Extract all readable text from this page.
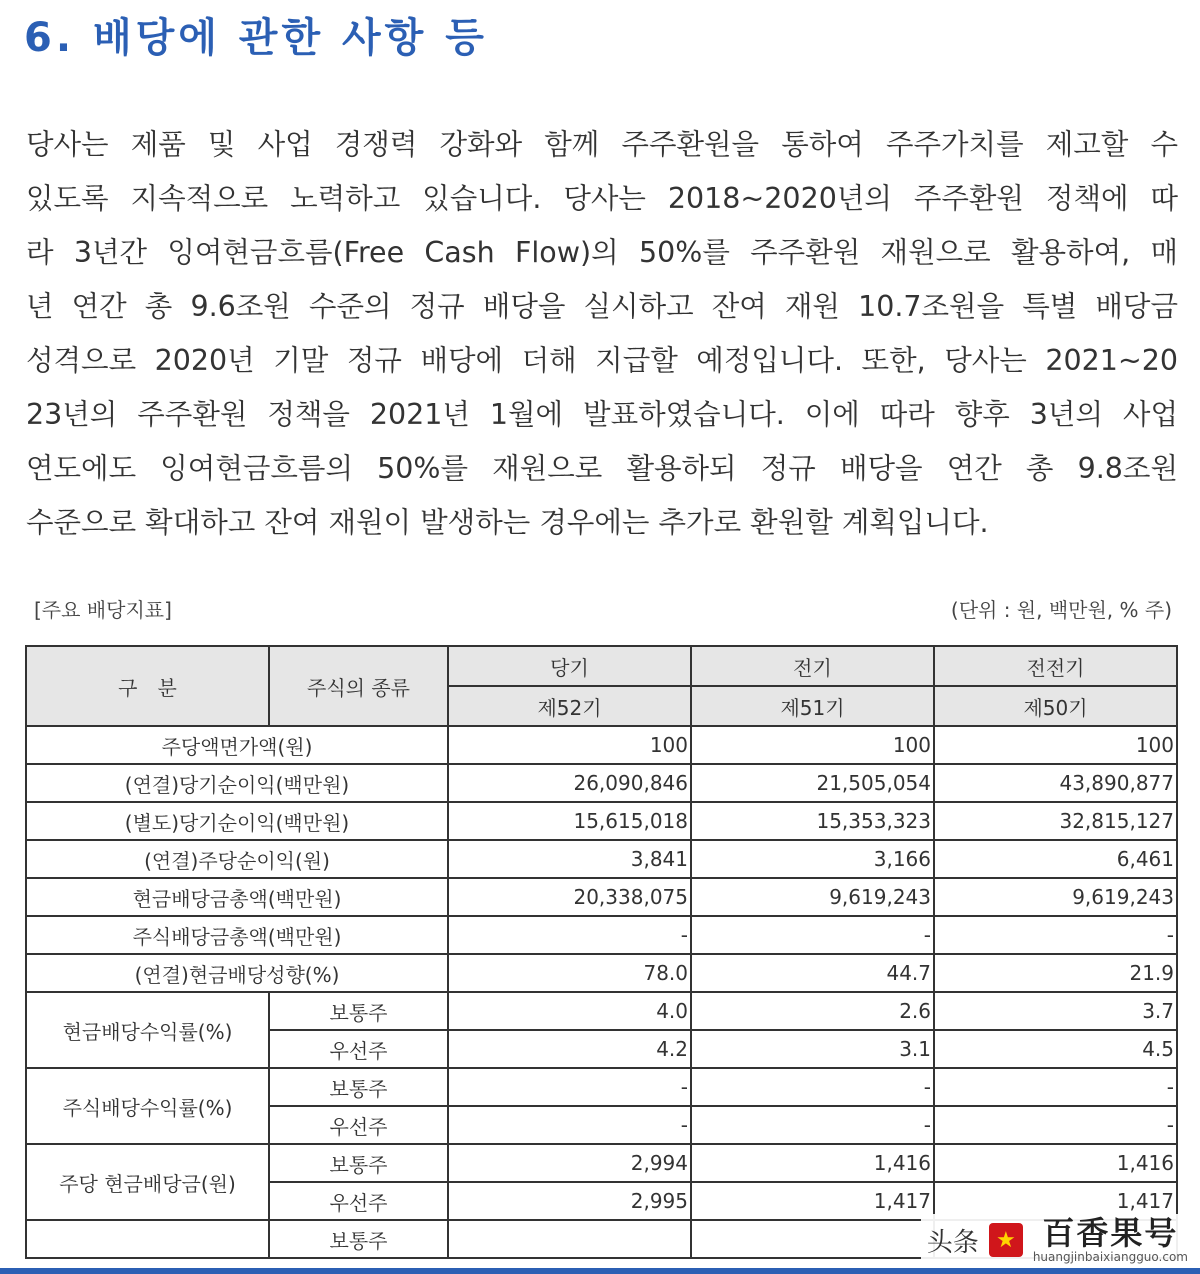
6. 배당에 관한 사항 등
당사는 제품 및 사업 경쟁력 강화와 함께 주주환원을 통하여 주주가치를 제고할 수
있도록 지속적으로 노력하고 있습니다. 당사는 2018~2020년의 주주환원 정책에 따
라 3년간 잉여현금흐름(Free Cash Flow)의 50%를 주주환원 재원으로 활용하여, 매
년 연간 총 9.6조원 수준의 정규 배당을 실시하고 잔여 재원 10.7조원을 특별 배당금
성격으로 2020년 기말 정규 배당에 더해 지급할 예정입니다. 또한, 당사는 2021~20
23년의 주주환원 정책을 2021년 1월에 발표하였습니다. 이에 따라 향후 3년의 사업
연도에도 잉여현금흐름의 50%를 재원으로 활용하되 정규 배당을 연간 총 9.8조원
수준으로 확대하고 잔여 재원이 발생하는 경우에는 추가로 환원할 계획입니다.
[주요 배당지표]	(단위 : 원, 백만원, % 주)
구　분	주식의 종류	당기	전기	전전기
		제52기	제51기	제50기
주당액면가액(원)		100	100	100
(연결)당기순이익(백만원)		26,090,846	21,505,054	43,890,877
(별도)당기순이익(백만원)		15,615,018	15,353,323	32,815,127
(연결)주당순이익(원)		3,841	3,166	6,461
현금배당금총액(백만원)		20,338,075	9,619,243	9,619,243
주식배당금총액(백만원)		-	-	-
(연결)현금배당성향(%)		78.0	44.7	21.9
현금배당수익률(%)	보통주	4.0	2.6	3.7
	우선주	4.2	3.1	4.5
주식배당수익률(%)	보통주	-	-	-
	우선주	-	-	-
주당 현금배당금(원)	보통주	2,994	1,416	1,416
	우선주	2,995	1,417	1,417
	보통주				头条 ★ 百香果号
huangjinbaixiangguo.com
